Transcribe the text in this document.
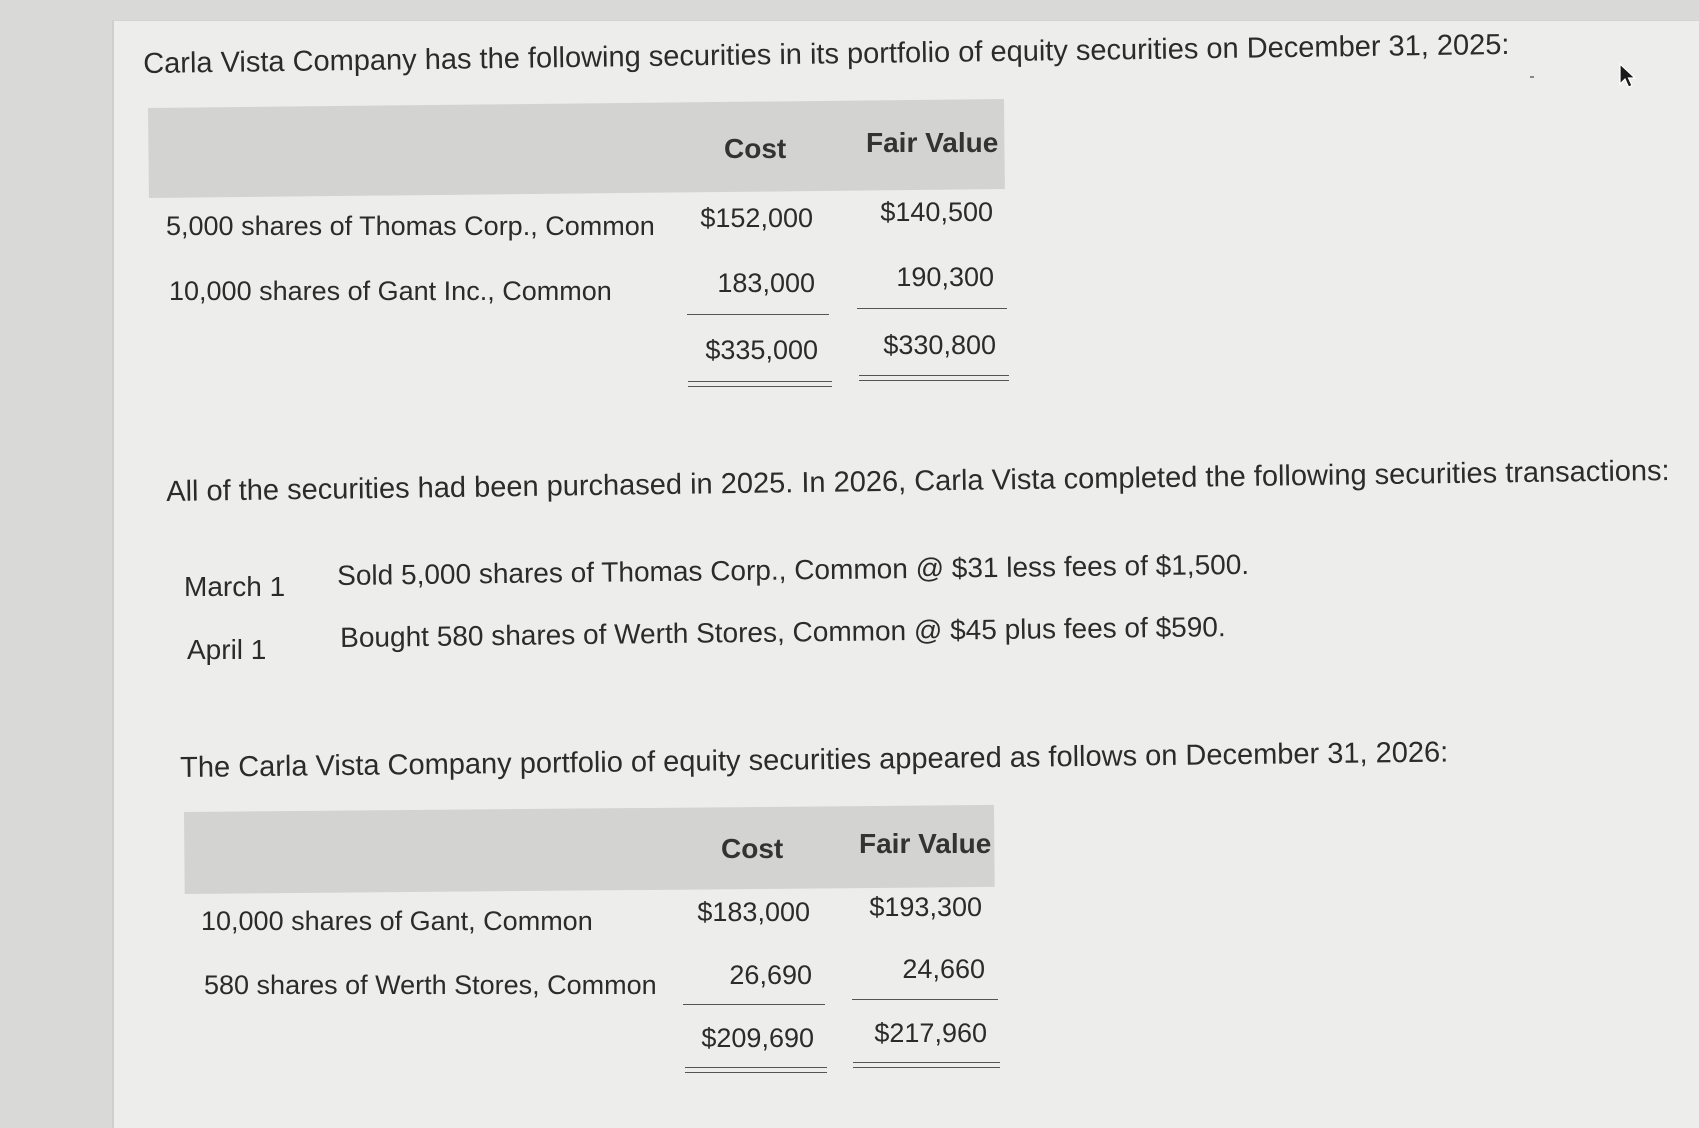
Carla Vista Company has the following securities in its portfolio of equity securities on December 31, 2025:
Cost	Fair Value
5,000 shares of Thomas Corp., Common	$152,000	$140,500
10,000 shares of Gant Inc., Common	183,000	190,300
$335,000	$330,800
All of the securities had been purchased in 2025. In 2026, Carla Vista completed the following securities transactions:
March 1 Sold 5,000 shares of Thomas Corp., Common @ $31 less fees of $1,500.
April 1	Bought 580 shares of Werth Stores, Common @ $45 plus fees of $590.
The Carla Vista Company portfolio of equity securities appeared as follows on December 31, 2026:
Cost	Fair Value
10,000 shares of Gant, Common	$183,000	$193,300
580 shares of Werth Stores, Common	26,690	24,660
$209,690	$217,960
